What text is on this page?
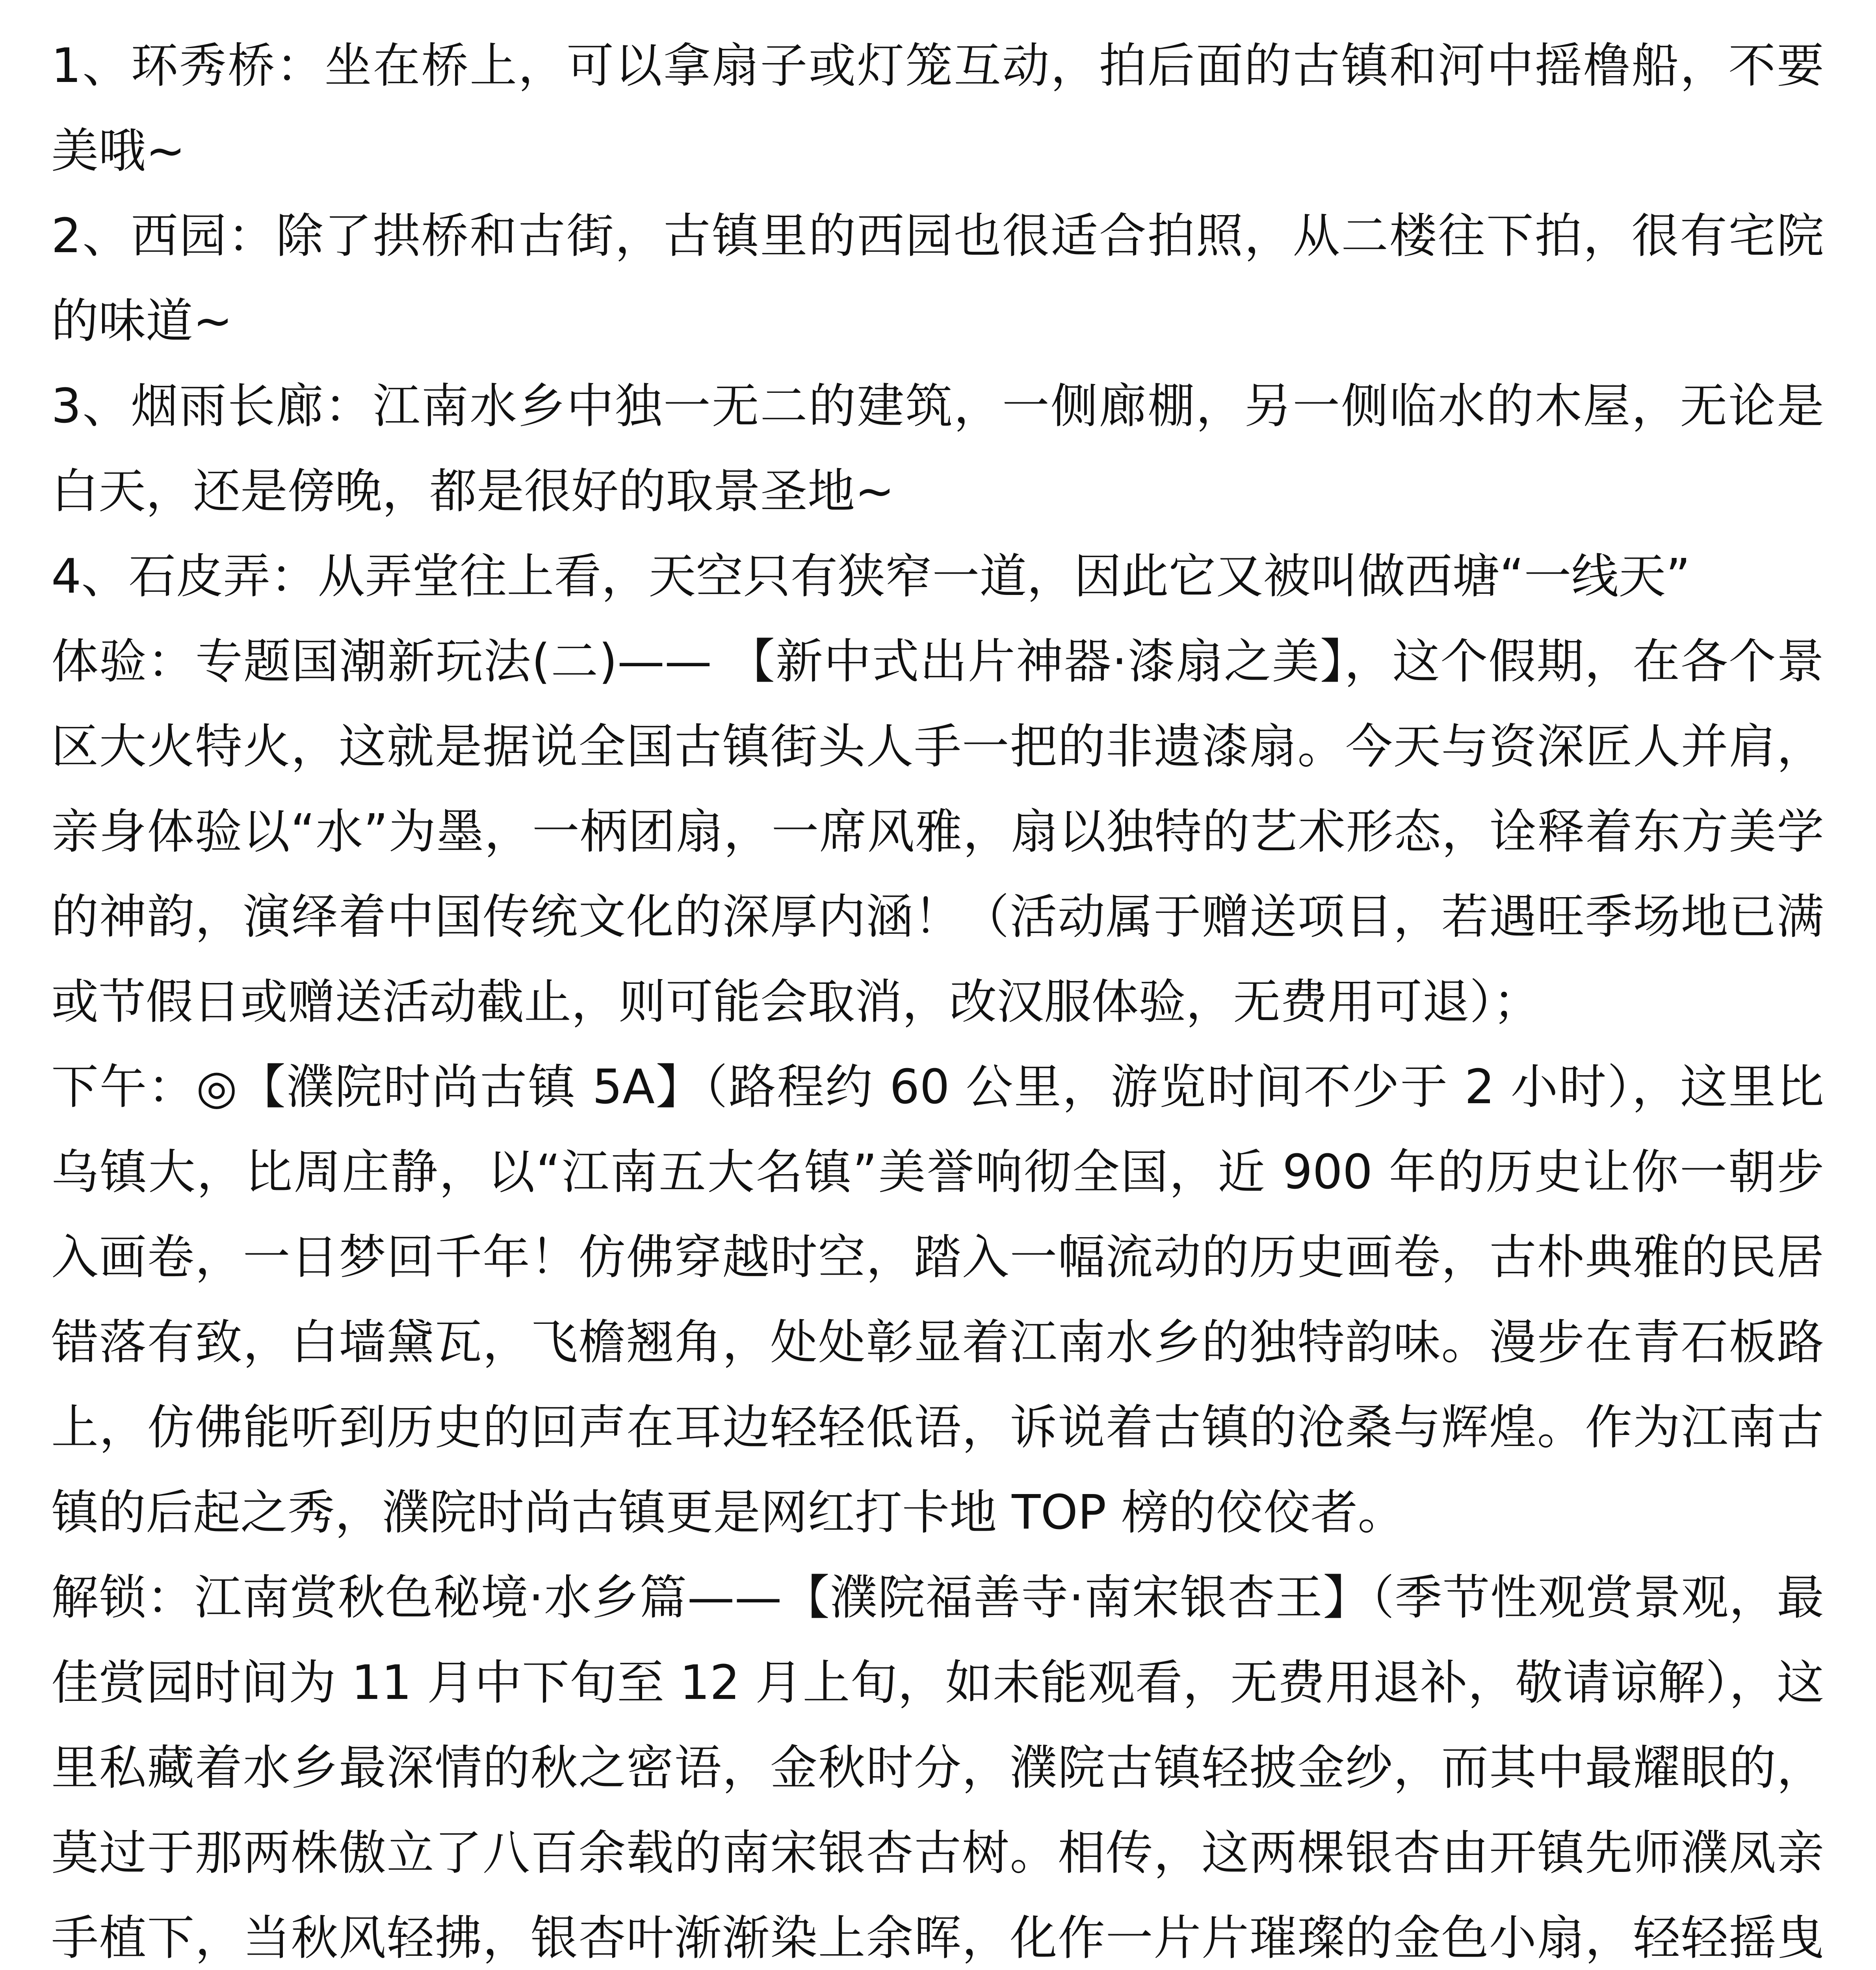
1、环秀桥：坐在桥上，可以拿扇子或灯笼互动，拍后面的古镇和河中摇橹船，不要美哦~

2、西园：除了拱桥和古街，古镇里的西园也很适合拍照，从二楼往下拍，很有宅院的味道~

3、烟雨长廊：江南水乡中独一无二的建筑，一侧廊棚，另一侧临水的木屋，无论是白天，还是傍晚，都是很好的取景圣地~

4、石皮弄：从弄堂往上看，天空只有狭窄一道，因此它又被叫做西塘“一线天”

体验：专题国潮新玩法(二)—— 【新中式出片神器·漆扇之美】，这个假期，在各个景区大火特火，这就是据说全国古镇街头人手一把的非遗漆扇。今天与资深匠人并肩，亲身体验以“水”为墨，一柄团扇，一席风雅，扇以独特的艺术形态，诠释着东方美学的神韵，演绎着中国传统文化的深厚内涵！（活动属于赠送项目，若遇旺季场地已满或节假日或赠送活动截止，则可能会取消，改汉服体验，无费用可退）；

下午：◎【濮院时尚古镇 5A】（路程约 60 公里，游览时间不少于 2 小时），这里比乌镇大，比周庄静，以“江南五大名镇”美誉响彻全国，近 900 年的历史让你一朝步入画卷，一日梦回千年！仿佛穿越时空，踏入一幅流动的历史画卷，古朴典雅的民居错落有致，白墙黛瓦，飞檐翘角，处处彰显着江南水乡的独特韵味。漫步在青石板路上，仿佛能听到历史的回声在耳边轻轻低语，诉说着古镇的沧桑与辉煌。作为江南古镇的后起之秀，濮院时尚古镇更是网红打卡地 TOP 榜的佼佼者。

解锁：江南赏秋色秘境·水乡篇——【濮院福善寺·南宋银杏王】（季节性观赏景观，最佳赏园时间为 11 月中下旬至 12 月上旬，如未能观看，无费用退补，敬请谅解），这里私藏着水乡最深情的秋之密语，金秋时分，濮院古镇轻披金纱，而其中最耀眼的，莫过于那两株傲立了八百余载的南宋银杏古树。相传，这两棵银杏由开镇先师濮凤亲手植下，当秋风轻拂，银杏叶渐渐染上余晖，化作一片片璀璨的金色小扇，轻轻摇曳
